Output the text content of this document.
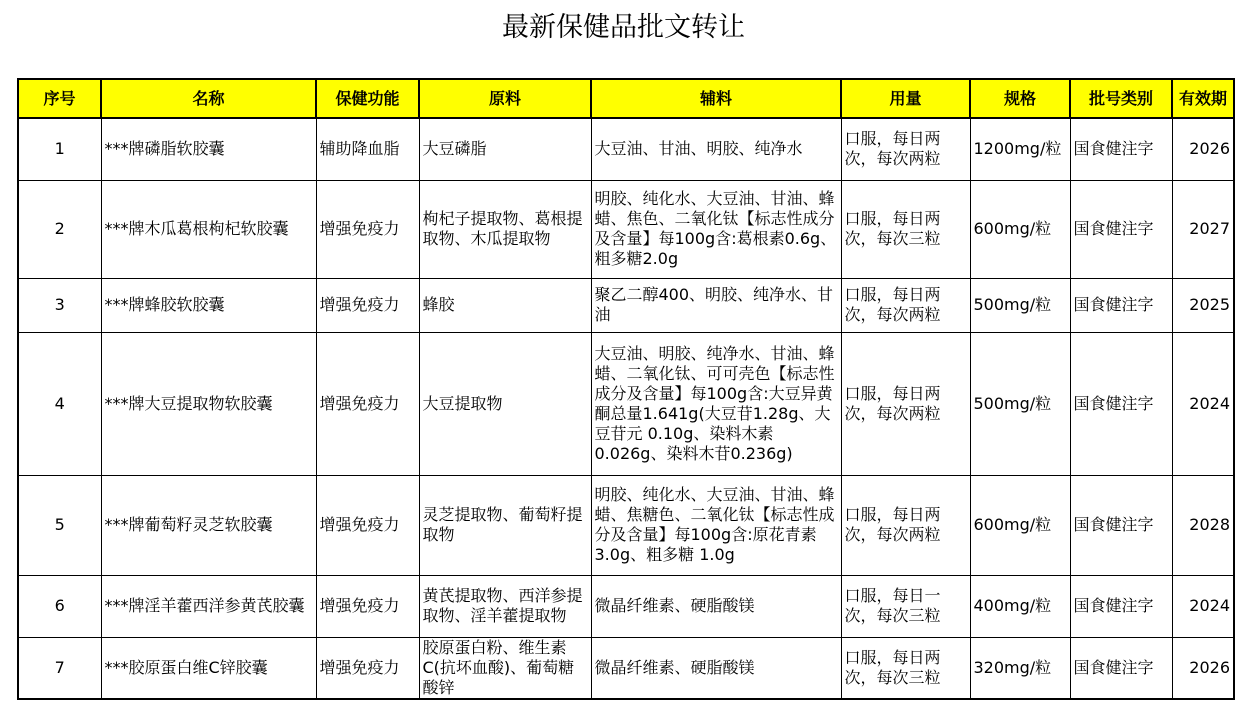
最新保健品批文转让
序号	名称	保健功能	原料	辅料	用量	规格	批号类别	有效期
1	***牌磷脂软胶囊	辅助降血脂	大豆磷脂	大豆油、甘油、明胶、纯净水	口服，每日两次，每次两粒	1200mg/粒	国食健注字	2026
2	***牌木瓜葛根枸杞软胶囊	增强免疫力	枸杞子提取物、葛根提取物、木瓜提取物	明胶、纯化水、大豆油、甘油、蜂蜡、焦色、二氧化钛【标志性成分及含量】每100g含:葛根素0.6g、粗多糖2.0g	口服，每日两次，每次三粒	600mg/粒	国食健注字	2027
3	***牌蜂胶软胶囊	增强免疫力	蜂胶	聚乙二醇400、明胶、纯净水、甘油	口服，每日两次，每次两粒	500mg/粒	国食健注字	2025
4	***牌大豆提取物软胶囊	增强免疫力	大豆提取物	大豆油、明胶、纯净水、甘油、蜂蜡、二氧化钛、可可壳色【标志性成分及含量】每100g含:大豆异黄酮总量1.641g(大豆苷1.28g、大豆苷元 0.10g、染料木素0.026g、染料木苷0.236g)	口服，每日两次，每次两粒	500mg/粒	国食健注字	2024
5	***牌葡萄籽灵芝软胶囊	增强免疫力	灵芝提取物、葡萄籽提取物	明胶、纯化水、大豆油、甘油、蜂蜡、焦糖色、二氧化钛【标志性成分及含量】每100g含:原花青素 3.0g、粗多糖 1.0g	口服，每日两次，每次两粒	600mg/粒	国食健注字	2028
6	***牌淫羊藿西洋参黄芪胶囊	增强免疫力	黄芪提取物、西洋参提取物、淫羊藿提取物	微晶纤维素、硬脂酸镁	口服，每日一次，每次三粒	400mg/粒	国食健注字	2024
7	***胶原蛋白维C锌胶囊	增强免疫力	胶原蛋白粉、维生素C(抗坏血酸)、葡萄糖酸锌	微晶纤维素、硬脂酸镁	口服，每日两次，每次三粒	320mg/粒	国食健注字	2026
